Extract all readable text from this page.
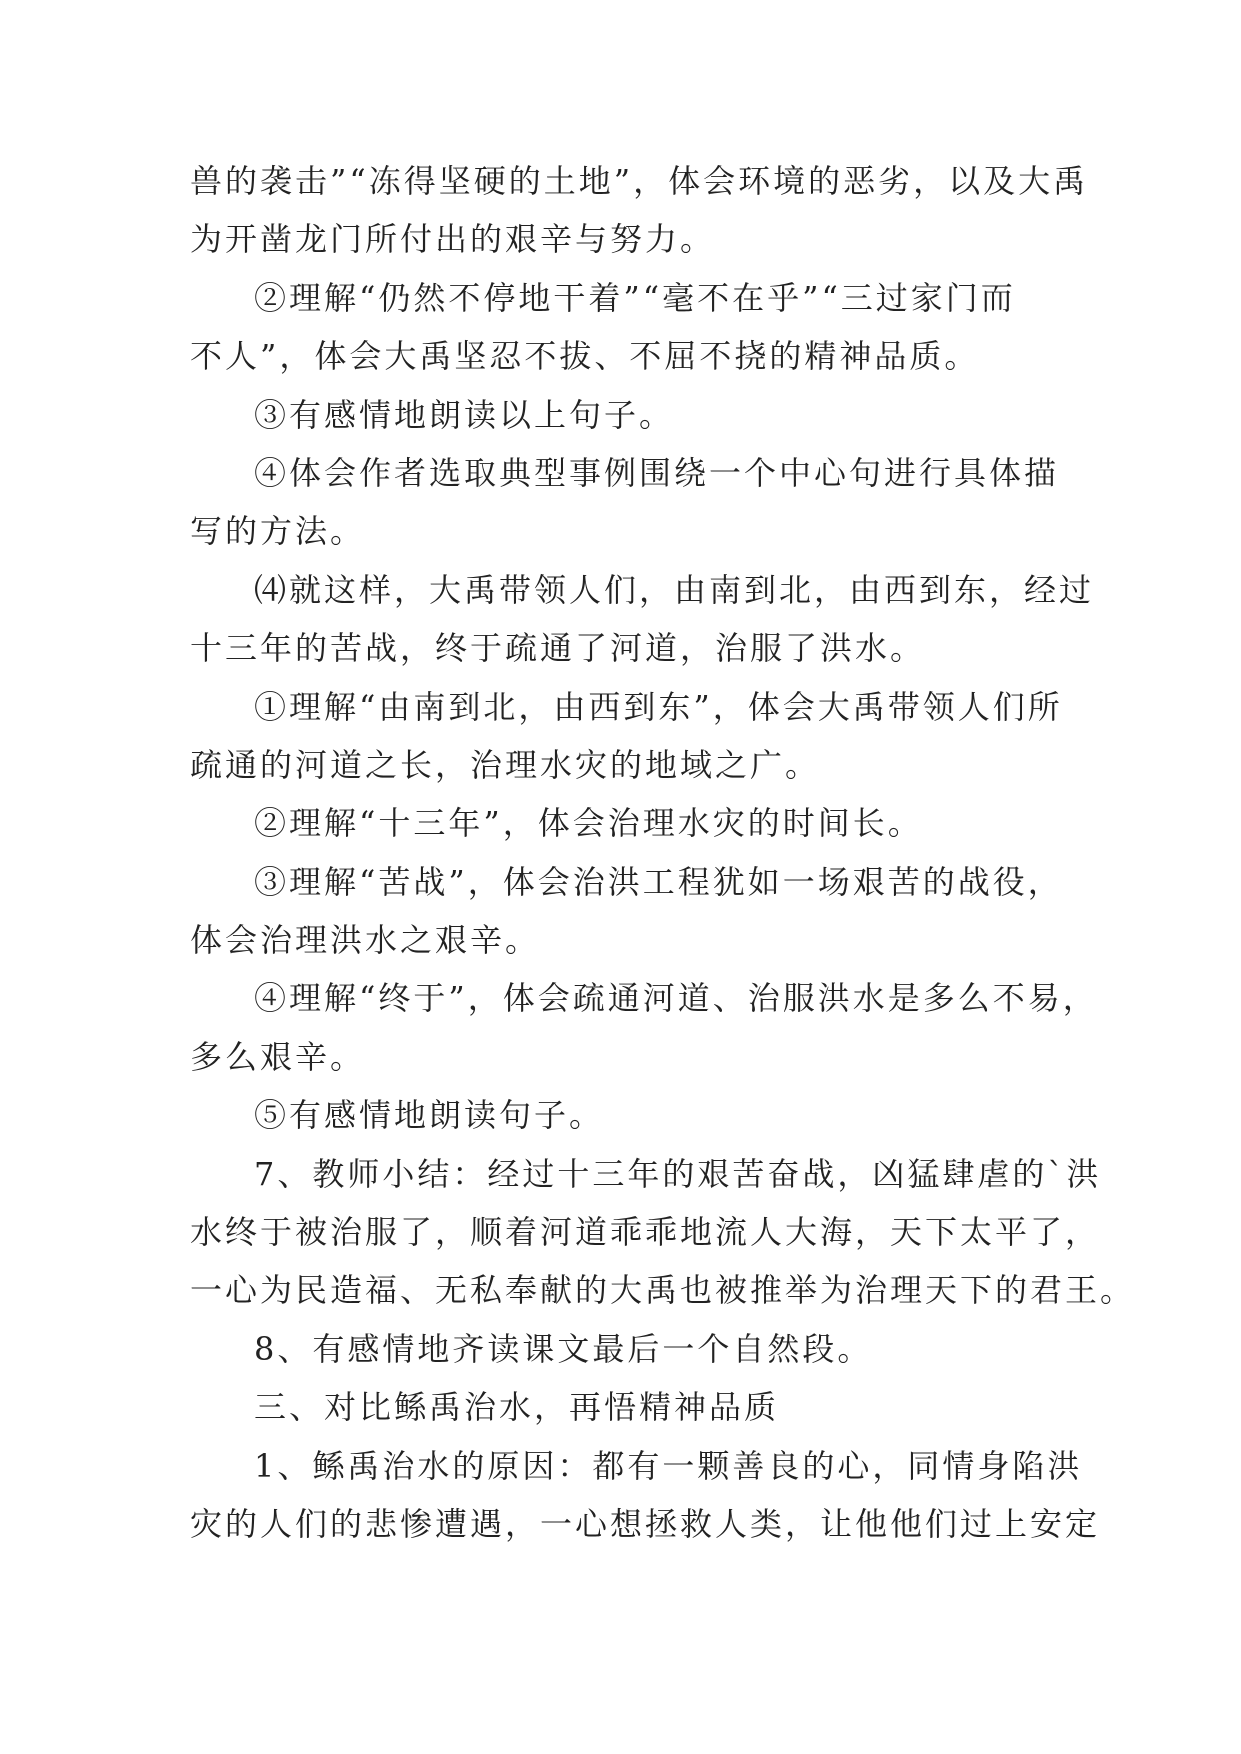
兽的袭击”“冻得坚硬的土地”，体会环境的恶劣，以及大禹
为开凿龙门所付出的艰辛与努力。
②理解“仍然不停地干着”“毫不在乎”“三过家门而
不人”，体会大禹坚忍不拔、不屈不挠的精神品质。
③有感情地朗读以上句子。
④体会作者选取典型事例围绕一个中心句进行具体描
写的方法。
⑷就这样，大禹带领人们，由南到北，由西到东，经过
十三年的苦战，终于疏通了河道，治服了洪水。
①理解“由南到北，由西到东”，体会大禹带领人们所
疏通的河道之长，治理水灾的地域之广。
②理解“十三年”，体会治理水灾的时间长。
③理解“苦战”，体会治洪工程犹如一场艰苦的战役，
体会治理洪水之艰辛。
④理解“终于”，体会疏通河道、治服洪水是多么不易，
多么艰辛。
⑤有感情地朗读句子。
7、教师小结：经过十三年的艰苦奋战，凶猛肆虐的`洪
水终于被治服了，顺着河道乖乖地流人大海，天下太平了，
一心为民造福、无私奉献的大禹也被推举为治理天下的君王。
8、有感情地齐读课文最后一个自然段。
三、对比鲧禹治水，再悟精神品质
1、鲧禹治水的原因：都有一颗善良的心，同情身陷洪
灾的人们的悲惨遭遇，一心想拯救人类，让他他们过上安定
